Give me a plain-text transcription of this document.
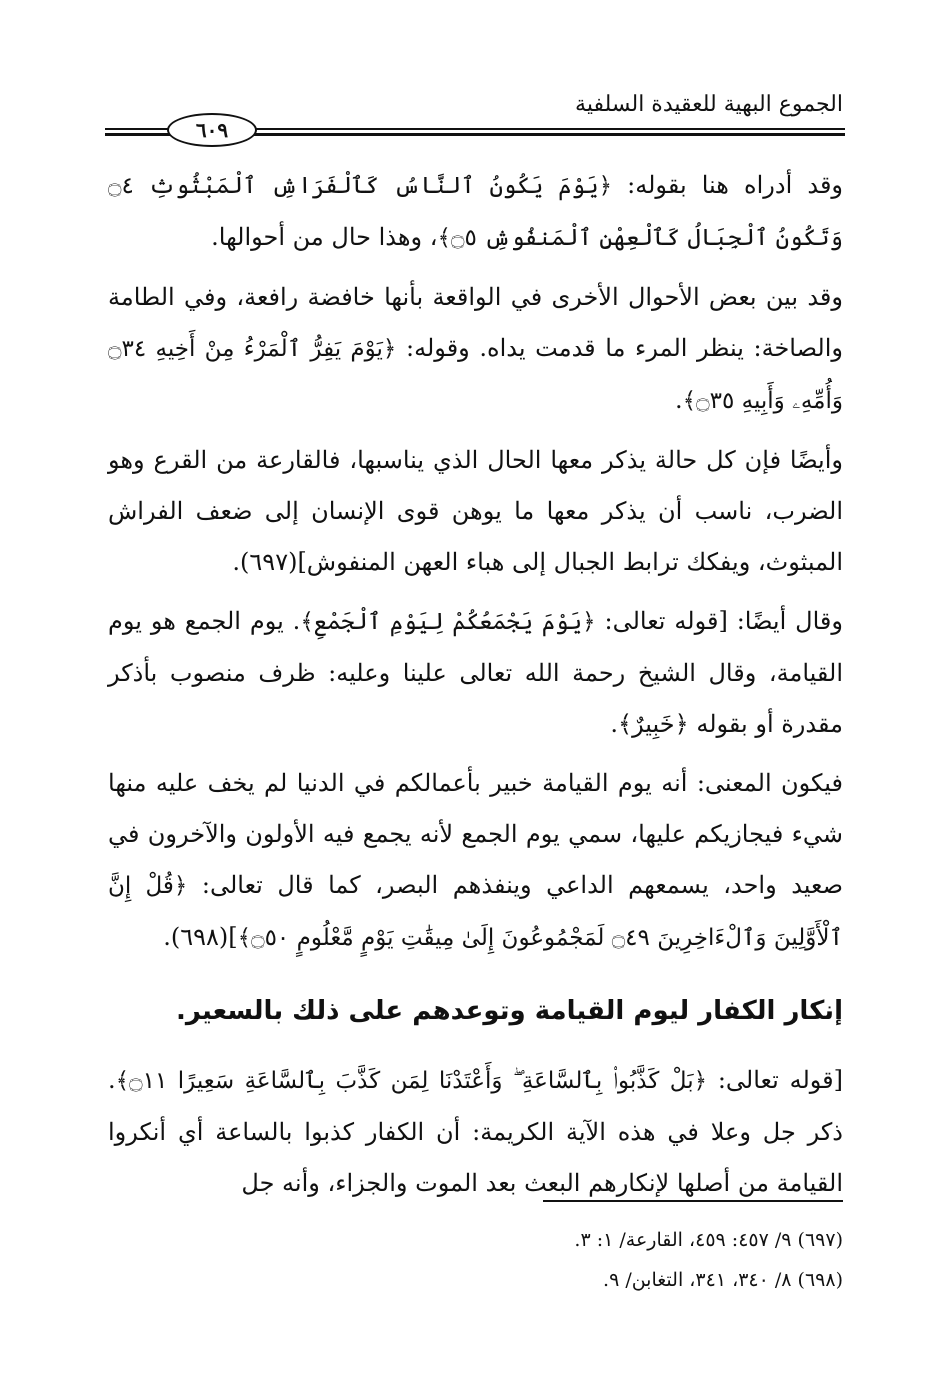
الجموع البهية للعقيدة السلفية
٦٠٩

وقد أدراه هنا بقوله: ﴿يَوْمَ يَكُونُ ٱلنَّاسُ كَٱلْفَرَاشِ ٱلْمَبْثُوثِ ۝٤ وَتَكُونُ ٱلْجِبَالُ كَٱلْعِهْنِ ٱلْمَنفُوشِ ۝٥﴾، وهذا حال من أحوالها.

وقد بين بعض الأحوال الأخرى في الواقعة بأنها خافضة رافعة، وفي الطامة والصاخة: ينظر المرء ما قدمت يداه. وقوله: ﴿يَوْمَ يَفِرُّ ٱلْمَرْءُ مِنْ أَخِيهِ ۝٣٤ وَأُمِّهِۦ وَأَبِيهِ ۝٣٥﴾.

وأيضًا فإن كل حالة يذكر معها الحال الذي يناسبها، فالقارعة من القرع وهو الضرب، ناسب أن يذكر معها ما يوهن قوى الإنسان إلى ضعف الفراش المبثوث، ويفكك ترابط الجبال إلى هباء العهن المنفوش](٦٩٧).

وقال أيضًا: [قوله تعالى: ﴿يَوْمَ يَجْمَعُكُمْ لِيَوْمِ ٱلْجَمْعِ﴾. يوم الجمع هو يوم القيامة، وقال الشيخ رحمة الله تعالى علينا وعليه: ظرف منصوب بأذكر مقدرة أو بقوله ﴿خَبِيرٌ﴾.

فيكون المعنى: أنه يوم القيامة خبير بأعمالكم في الدنيا لم يخف عليه منها شيء فيجازيكم عليها، سمي يوم الجمع لأنه يجمع فيه الأولون والآخرون في صعيد واحد، يسمعهم الداعي وينفذهم البصر، كما قال تعالى: ﴿قُلْ إِنَّ ٱلْأَوَّلِينَ وَٱلْءَاخِرِينَ ۝٤٩ لَمَجْمُوعُونَ إِلَىٰ مِيقَٰتِ يَوْمٍ مَّعْلُومٍ ۝٥٠﴾](٦٩٨).

إنكار الكفار ليوم القيامة وتوعدهم على ذلك بالسعير.

[قوله تعالى: ﴿بَلْ كَذَّبُوا۟ بِٱلسَّاعَةِ ۖ وَأَعْتَدْنَا لِمَن كَذَّبَ بِٱلسَّاعَةِ سَعِيرًا ۝١١﴾. ذكر جل وعلا في هذه الآية الكريمة: أن الكفار كذبوا بالساعة أي أنكروا القيامة من أصلها لإنكارهم البعث بعد الموت والجزاء، وأنه جل

(٦٩٧) ٩/ ٤٥٧: ٤٥٩، القارعة/ ١: ٣.

(٦٩٨) ٨/ ٣٤٠، ٣٤١، التغابن/ ٩.
